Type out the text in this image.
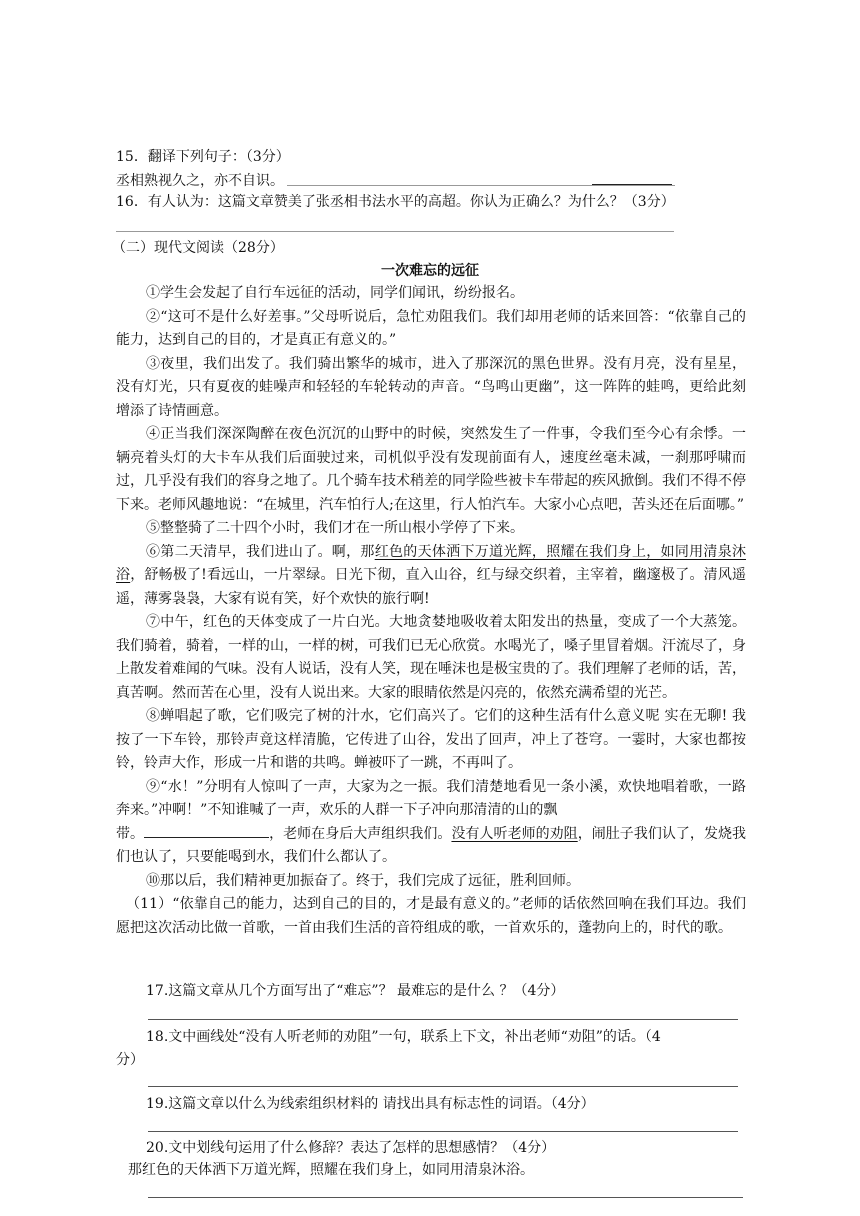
15．翻译下列句子：（3分）
丞相熟视久之，亦不自识。
16．有人认为：这篇文章赞美了张丞相书法水平的高超。你认为正确么？为什么？（3分）
（二）现代文阅读（28分）
一次难忘的远征

①学生会发起了自行车远征的活动，同学们闻讯，纷纷报名。

②“这可不是什么好差事。”父母听说后，急忙劝阻我们。我们却用老师的话来回答：“依靠自己的能力，达到自己的目的，才是真正有意义的。”

③夜里，我们出发了。我们骑出繁华的城市，进入了那深沉的黑色世界。没有月亮，没有星星，没有灯光，只有夏夜的蛙噪声和轻轻的车轮转动的声音。“鸟鸣山更幽”，这一阵阵的蛙鸣，更给此刻增添了诗情画意。

④正当我们深深陶醉在夜色沉沉的山野中的时候，突然发生了一件事，令我们至今心有余悸。一辆亮着头灯的大卡车从我们后面驶过来，司机似乎没有发现前面有人，速度丝毫未减，一刹那呼啸而过，几乎没有我们的容身之地了。几个骑车技术稍差的同学险些被卡车带起的疾风掀倒。我们不得不停下来。老师风趣地说：“在城里，汽车怕行人;在这里，行人怕汽车。大家小心点吧，苦头还在后面哪。”

⑤整整骑了二十四个小时，我们才在一所山根小学停了下来。

⑥第二天清早，我们进山了。啊，那红色的天体洒下万道光辉，照耀在我们身上，如同用清泉沐浴，舒畅极了!看远山，一片翠绿。日光下彻，直入山谷，红与绿交织着，主宰着，幽邃极了。清风遥遥，薄雾袅袅，大家有说有笑，好个欢快的旅行啊!

⑦中午，红色的天体变成了一片白光。大地贪婪地吸收着太阳发出的热量，变成了一个大蒸笼。我们骑着，骑着，一样的山，一样的树，可我们已无心欣赏。水喝光了，嗓子里冒着烟。汗流尽了，身上散发着难闻的气味。没有人说话，没有人笑，现在唾沫也是极宝贵的了。我们理解了老师的话，苦，真苦啊。然而苦在心里，没有人说出来。大家的眼睛依然是闪亮的，依然充满希望的光芒。

⑧蝉唱起了歌，它们吸完了树的汁水，它们高兴了。它们的这种生活有什么意义呢 实在无聊! 我按了一下车铃，那铃声竟这样清脆，它传进了山谷，发出了回声，冲上了苍穹。一霎时，大家也都按铃，铃声大作，形成一片和谐的共鸣。蝉被吓了一跳，不再叫了。

⑨“水！”分明有人惊叫了一声，大家为之一振。我们清楚地看见一条小溪，欢快地唱着歌，一路奔来。”冲啊！”不知谁喊了一声，欢乐的人群一下子冲向那清清的山的飘

带。	，老师在身后大声组织我们。没有人听老师的劝阻，闹肚子我们认了，发烧我们也认了，只要能喝到水，我们什么都认了。

⑩那以后，我们精神更加振奋了。终于，我们完成了远征，胜利回师。

（11）“依靠自己的能力，达到自己的目的，才是最有意义的。”老师的话依然回响在我们耳边。我们愿把这次活动比做一首歌，一首由我们生活的音符组成的歌，一首欢乐的，蓬勃向上的，时代的歌。

17.这篇文章从几个方面写出了“难忘”？ 最难忘的是什么 ？（4分）
18.文中画线处“没有人听老师的劝阻”一句，联系上下文，补出老师“劝阻”的话。（4
分）
19.这篇文章以什么为线索组织材料的 请找出具有标志性的词语。（4分）
20.文中划线句运用了什么修辞？表达了怎样的思想感情？（4分）
那红色的天体洒下万道光辉，照耀在我们身上，如同用清泉沐浴。
